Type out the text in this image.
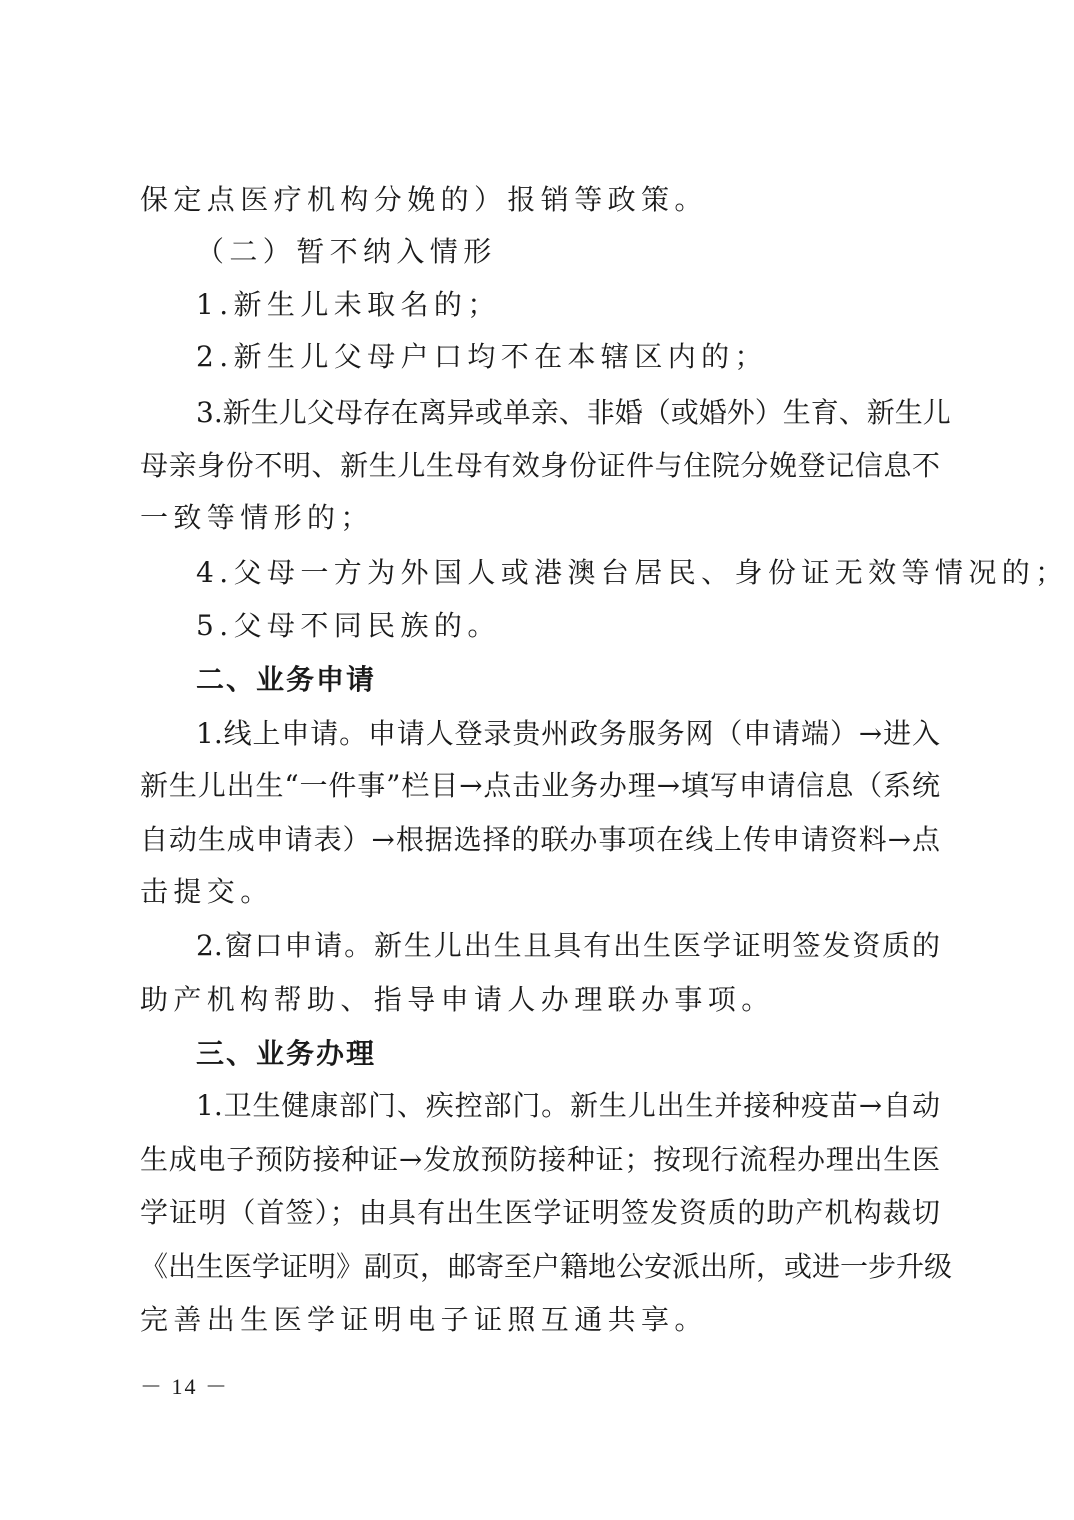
保定点医疗机构分娩的）报销等政策。
（二）暂不纳入情形
1.新生儿未取名的；
2.新生儿父母户口均不在本辖区内的；
3.新生儿父母存在离异或单亲、非婚（或婚外）生育、新生儿
母亲身份不明、新生儿生母有效身份证件与住院分娩登记信息不
一致等情形的；
4.父母一方为外国人或港澳台居民、身份证无效等情况的；
5.父母不同民族的。
二、业务申请
1.线上申请。申请人登录贵州政务服务网（申请端）→进入
新生儿出生“一件事”栏目→点击业务办理→填写申请信息（系统
自动生成申请表）→根据选择的联办事项在线上传申请资料→点
击提交。
2.窗口申请。新生儿出生且具有出生医学证明签发资质的
助产机构帮助、指导申请人办理联办事项。
三、业务办理
1.卫生健康部门、疾控部门。新生儿出生并接种疫苗→自动
生成电子预防接种证→发放预防接种证；按现行流程办理出生医
学证明（首签）；由具有出生医学证明签发资质的助产机构裁切
《出生医学证明》副页，邮寄至户籍地公安派出所，或进一步升级
完善出生医学证明电子证照互通共享。
－ 14 －
